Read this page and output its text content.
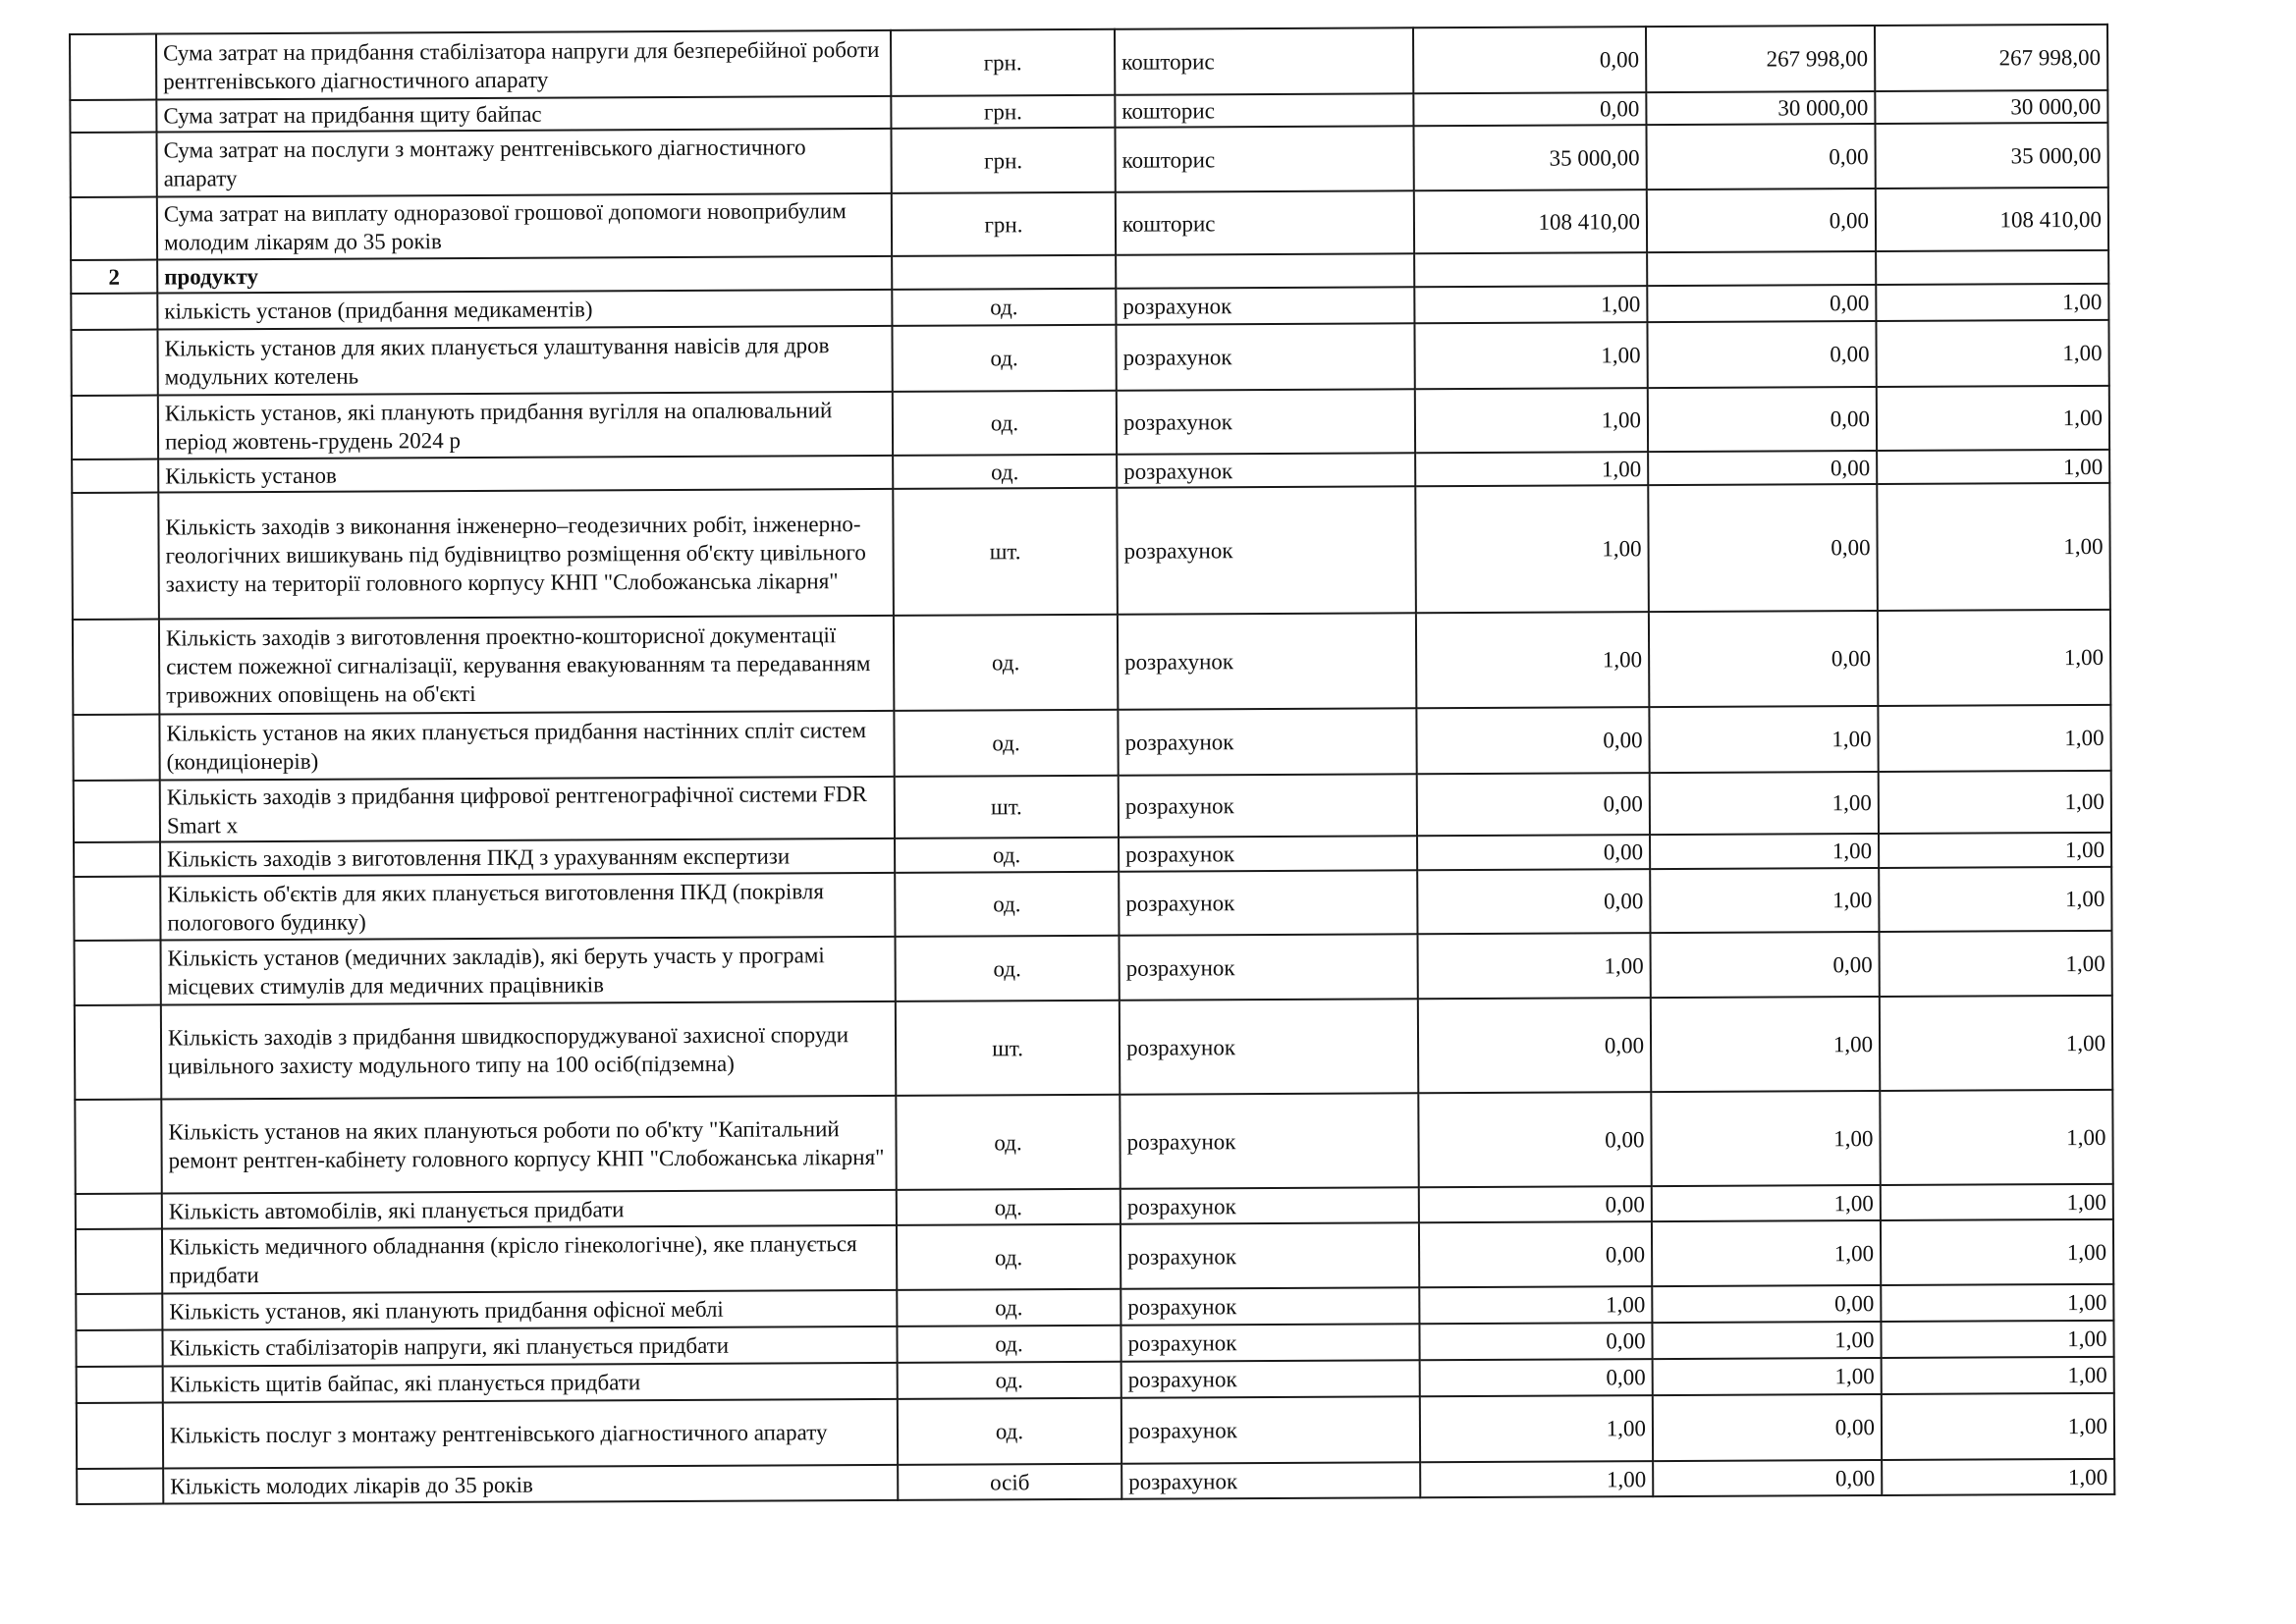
	Сума затрат на придбання стабілізатора напруги для безперебійної роботи рентгенівського діагностичного апарату	грн.	кошторис	0,00	267 998,00	267 998,00
	Сума затрат на придбання щиту байпас	грн.	кошторис	0,00	30 000,00	30 000,00
	Сума затрат на послуги з монтажу рентгенівського діагностичного апарату	грн.	кошторис	35 000,00	0,00	35 000,00
	Сума затрат на виплату одноразової грошової допомоги новоприбулим молодим лікарям до 35 років	грн.	кошторис	108 410,00	0,00	108 410,00
2	продукту					
	кількість установ (придбання медикаментів)	од.	розрахунок	1,00	0,00	1,00
	Кількість установ для яких планується улаштування навісів для дров модульних котелень	од.	розрахунок	1,00	0,00	1,00
	Кількість установ, які планують придбання вугілля на опалювальний період жовтень-грудень 2024 р	од.	розрахунок	1,00	0,00	1,00
	Кількість установ	од.	розрахунок	1,00	0,00	1,00
	Кількість заходів з виконання інженерно–геодезичних робіт, інженерно-геологічних вишикувань під будівництво розміщення об'єкту цивільного захисту на території головного корпусу КНП "Слобожанська лікарня"	шт.	розрахунок	1,00	0,00	1,00
	Кількість заходів з виготовлення проектно-кошторисної документації систем пожежної сигналізації, керування евакуюванням та передаванням тривожних оповіщень на об'єкті	од.	розрахунок	1,00	0,00	1,00
	Кількість установ на яких планується придбання настінних спліт систем (кондиціонерів)	од.	розрахунок	0,00	1,00	1,00
	Кількість заходів з придбання цифрової рентгенографічної системи FDR Smart x	шт.	розрахунок	0,00	1,00	1,00
	Кількість заходів з виготовлення ПКД з урахуванням експертизи	од.	розрахунок	0,00	1,00	1,00
	Кількість об'єктів для яких планується виготовлення ПКД (покрівля пологового будинку)	од.	розрахунок	0,00	1,00	1,00
	Кількість установ (медичних закладів), які беруть участь у програмі місцевих стимулів для медичних працівників	од.	розрахунок	1,00	0,00	1,00
	Кількість заходів з придбання швидкоспоруджуваної захисної споруди цивільного захисту модульного типу на 100 осіб(підземна)	шт.	розрахунок	0,00	1,00	1,00
	Кількість установ на яких плануються роботи по об'кту "Капітальний ремонт рентген-кабінету головного корпусу КНП "Слобожанська лікарня"	од.	розрахунок	0,00	1,00	1,00
	Кількість автомобілів, які планується придбати	од.	розрахунок	0,00	1,00	1,00
	Кількість медичного обладнання (крісло гінекологічне), яке планується придбати	од.	розрахунок	0,00	1,00	1,00
	Кількість установ, які планують придбання офісної меблі	од.	розрахунок	1,00	0,00	1,00
	Кількість стабілізаторів напруги, які планується придбати	од.	розрахунок	0,00	1,00	1,00
	Кількість щитів байпас, які планується придбати	од.	розрахунок	0,00	1,00	1,00
	Кількість послуг з монтажу рентгенівського діагностичного апарату	од.	розрахунок	1,00	0,00	1,00
	Кількість молодих лікарів до 35 років	осіб	розрахунок	1,00	0,00	1,00
